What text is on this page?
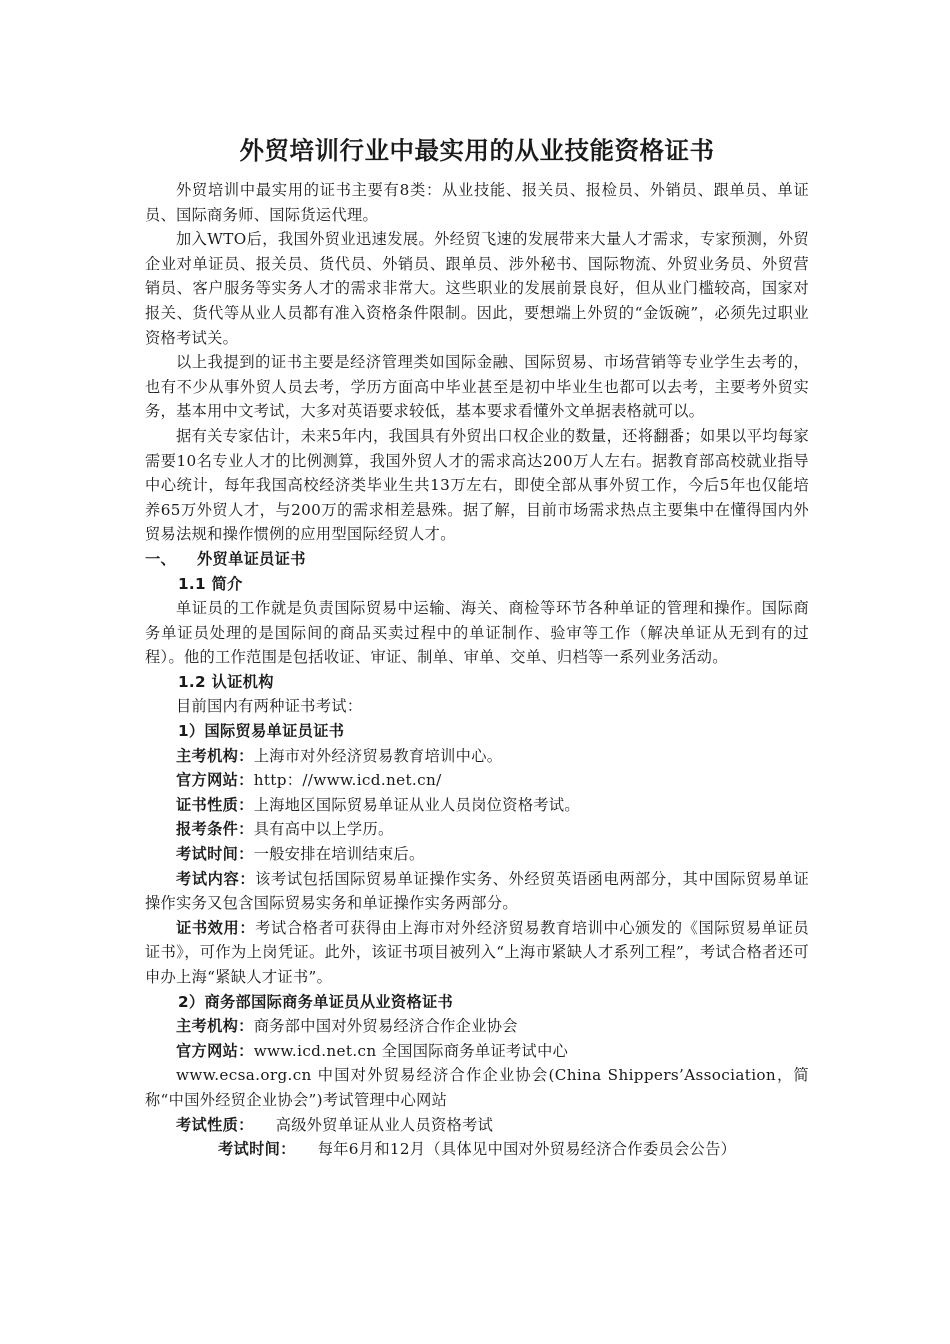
外贸培训行业中最实用的从业技能资格证书

外贸培训中最实用的证书主要有8类：从业技能、报关员、报检员、外销员、跟单员、单证员、国际商务师、国际货运代理。

加入WTO后，我国外贸业迅速发展。外经贸飞速的发展带来大量人才需求，专家预测，外贸企业对单证员、报关员、货代员、外销员、跟单员、涉外秘书、国际物流、外贸业务员、外贸营销员、客户服务等实务人才的需求非常大。这些职业的发展前景良好，但从业门槛较高，国家对报关、货代等从业人员都有准入资格条件限制。因此，要想端上外贸的“金饭碗”，必须先过职业资格考试关。

以上我提到的证书主要是经济管理类如国际金融、国际贸易、市场营销等专业学生去考的，也有不少从事外贸人员去考，学历方面高中毕业甚至是初中毕业生也都可以去考，主要考外贸实务，基本用中文考试，大多对英语要求较低，基本要求看懂外文单据表格就可以。

据有关专家估计，未来5年内，我国具有外贸出口权企业的数量，还将翻番；如果以平均每家需要10名专业人才的比例测算，我国外贸人才的需求高达200万人左右。据教育部高校就业指导中心统计，每年我国高校经济类毕业生共13万左右，即使全部从事外贸工作，今后5年也仅能培养65万外贸人才，与200万的需求相差悬殊。据了解，目前市场需求热点主要集中在懂得国内外贸易法规和操作惯例的应用型国际经贸人才。

一、 外贸单证员证书
1.1 简介

单证员的工作就是负责国际贸易中运输、海关、商检等环节各种单证的管理和操作。国际商务单证员处理的是国际间的商品买卖过程中的单证制作、验审等工作（解决单证从无到有的过程）。他的工作范围是包括收证、审证、制单、审单、交单、归档等一系列业务活动。

1.2 认证机构

目前国内有两种证书考试：

1）国际贸易单证员证书

主考机构：上海市对外经济贸易教育培训中心。

官方网站：http：//www.icd.net.cn/

证书性质：上海地区国际贸易单证从业人员岗位资格考试。

报考条件：具有高中以上学历。

考试时间：一般安排在培训结束后。

考试内容：该考试包括国际贸易单证操作实务、外经贸英语函电两部分，其中国际贸易单证操作实务又包含国际贸易实务和单证操作实务两部分。

证书效用：考试合格者可获得由上海市对外经济贸易教育培训中心颁发的《国际贸易单证员证书》，可作为上岗凭证。此外，该证书项目被列入“上海市紧缺人才系列工程”，考试合格者还可申办上海“紧缺人才证书”。

2）商务部国际商务单证员从业资格证书

主考机构：商务部中国对外贸易经济合作企业协会

官方网站：www.icd.net.cn 全国国际商务单证考试中心

www.ecsa.org.cn 中国对外贸易经济合作企业协会(China Shippers’Association，简称“中国外经贸企业协会”)考试管理中心网站

考试性质： 高级外贸单证从业人员资格考试

考试时间： 每年6月和12月（具体见中国对外贸易经济合作委员会公告）
